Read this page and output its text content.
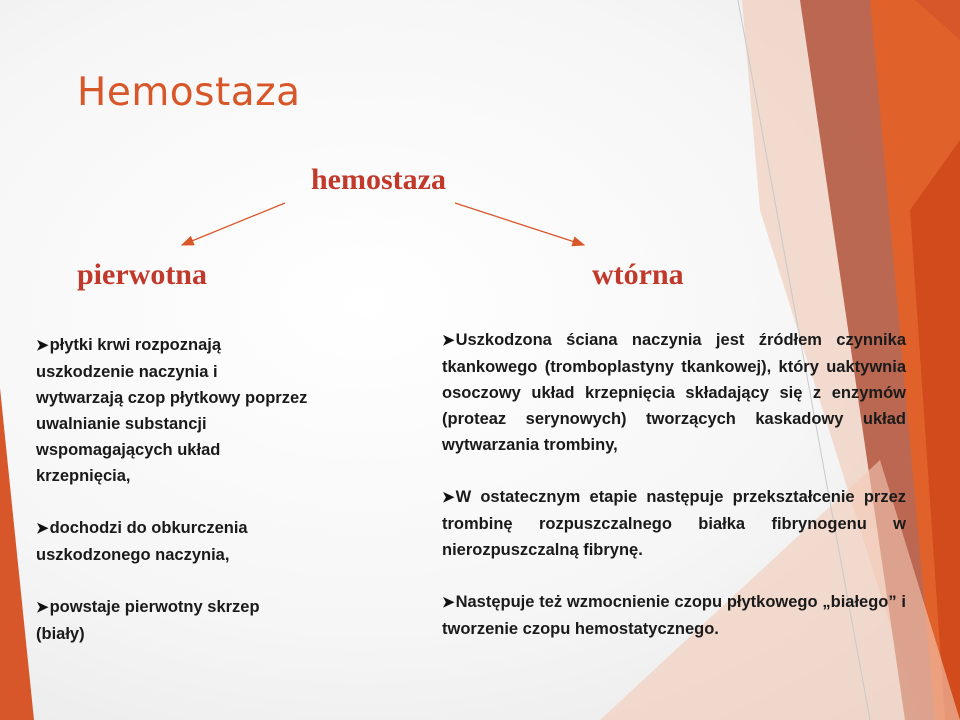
Hemostaza
hemostaza
pierwotna	wtórna
➤płytki krwi rozpoznają uszkodzenie naczynia i wytwarzają czop płytkowy poprzez uwalnianie substancji wspomagających układ krzepnięcia,
➤dochodzi do obkurczenia uszkodzonego naczynia,
➤powstaje pierwotny skrzep (biały)
➤Uszkodzona ściana naczynia jest źródłem czynnika tkankowego (tromboplastyny tkankowej), który uaktywnia osoczowy układ krzepnięcia składający się z enzymów (proteaz serynowych) tworzących kaskadowy układ wytwarzania trombiny,
➤W ostatecznym etapie następuje przekształcenie przez trombinę rozpuszczalnego białka fibrynogenu w nierozpuszczalną fibrynę.
➤Następuje też wzmocnienie czopu płytkowego „białego” i tworzenie czopu hemostatycznego.
